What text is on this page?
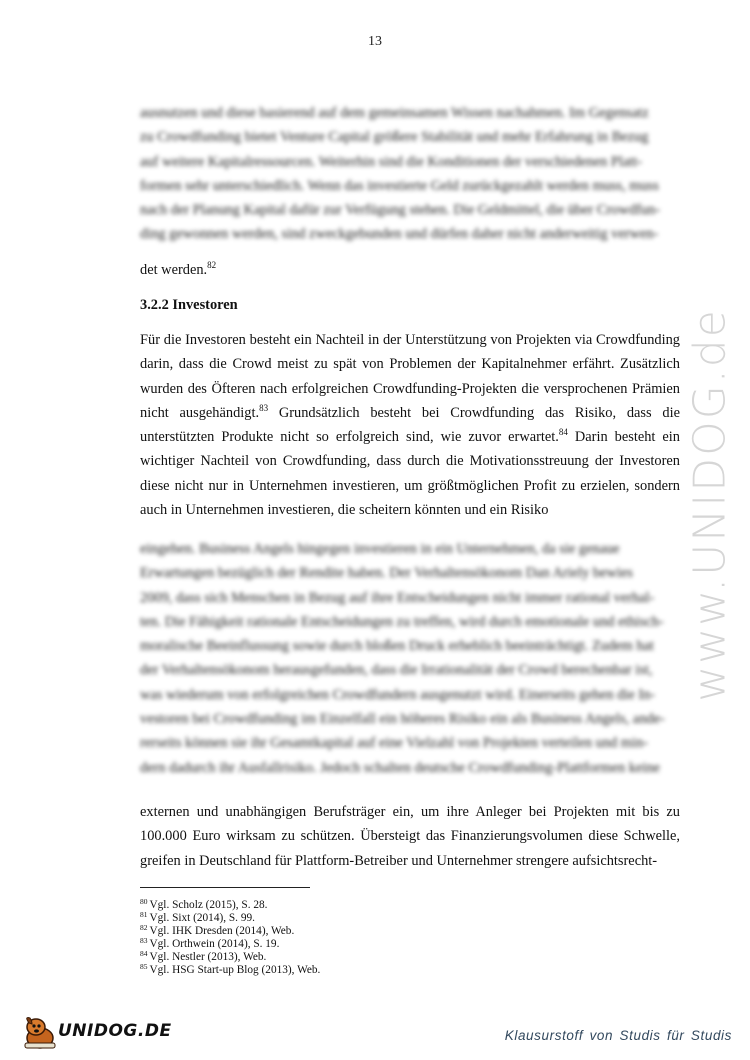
13
ausnutzen und diese basierend auf dem gemeinsamen Wissen nachahmen. Im Gegensatz
zu Crowdfunding bietet Venture Capital größere Stabilität und mehr Erfahrung in Bezug
auf weitere Kapitalressourcen. Weiterhin sind die Konditionen der verschiedenen Platt-
formen sehr unterschiedlich. Wenn das investierte Geld zurückgezahlt werden muss, muss
nach der Planung Kapital dafür zur Verfügung stehen. Die Geldmittel, die über Crowdfun-
ding gewonnen werden, sind zweckgebunden und dürfen daher nicht anderweitig verwen-

det werden.$^{82}$

3.2.2 Investoren

Für die Investoren besteht ein Nachteil in der Unterstützung von Projekten via Crowdfunding darin, dass die Crowd meist zu spät von Problemen der Kapitalnehmer erfährt. Zusätzlich wurden des Öfteren nach erfolgreichen Crowdfunding-Projekten die versprochenen Prämien nicht ausgehändigt.$^{83}$ Grundsätzlich besteht bei Crowdfunding das Risiko, dass die unterstützten Produkte nicht so erfolgreich sind, wie zuvor erwartet.$^{84}$ Darin besteht ein wichtiger Nachteil von Crowdfunding, dass durch die Motivationsstreuung der Investoren diese nicht nur in Unternehmen investieren, um größtmöglichen Profit zu erzielen, sondern auch in Unternehmen investieren, die scheitern könnten und ein Risiko

eingehen. Business Angels hingegen investieren in ein Unternehmen, da sie genaue
Erwartungen bezüglich der Rendite haben. Der Verhaltensökonom Dan Ariely bewies
2009, dass sich Menschen in Bezug auf ihre Entscheidungen nicht immer rational verhal-
ten. Die Fähigkeit rationale Entscheidungen zu treffen, wird durch emotionale und ethisch-
moralische Beeinflussung sowie durch bloßen Druck erheblich beeinträchtigt. Zudem hat
der Verhaltensökonom herausgefunden, dass die Irrationalität der Crowd berechenbar ist,
was wiederum von erfolgreichen Crowdfundern ausgenutzt wird. Einerseits gehen die In-
vestoren bei Crowdfunding im Einzelfall ein höheres Risiko ein als Business Angels, ande-
rerseits können sie ihr Gesamtkapital auf eine Vielzahl von Projekten verteilen und min-
dern dadurch ihr Ausfallrisiko. Jedoch schalten deutsche Crowdfunding-Plattformen keine

externen und unabhängigen Berufsträger ein, um ihre Anleger bei Projekten mit bis zu 100.000 Euro wirksam zu schützen. Übersteigt das Finanzierungsvolumen diese Schwelle, greifen in Deutschland für Plattform-Betreiber und Unternehmer strengere aufsichtsrecht-

www.UNIDOG.de
$^{80}$ Vgl. Scholz (2015), S. 28.
$^{81}$ Vgl. Sixt (2014), S. 99.
$^{82}$ Vgl. IHK Dresden (2014), Web.
$^{83}$ Vgl. Orthwein (2014), S. 19.
$^{84}$ Vgl. Nestler (2013), Web.
$^{85}$ Vgl. HSG Start-up Blog (2013), Web.
UNIDOG.DE	Klausurstoff von Studis für Studis
